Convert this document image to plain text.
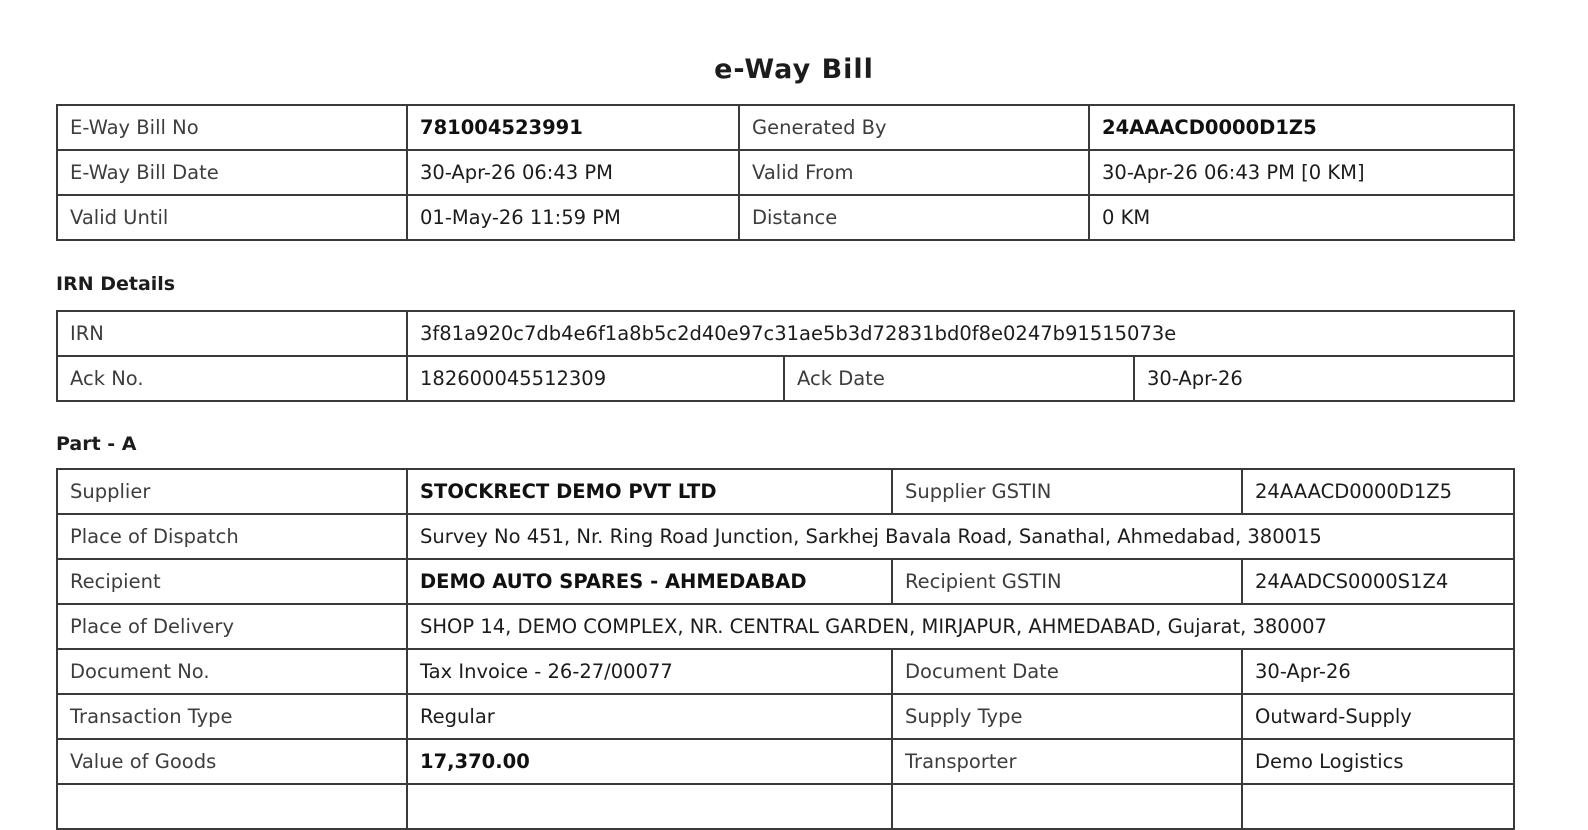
e-Way Bill
E-Way Bill No	781004523991	Generated By	24AAACD0000D1Z5
E-Way Bill Date	30-Apr-26 06:43 PM	Valid From	30-Apr-26 06:43 PM [0 KM]
Valid Until	01-May-26 11:59 PM	Distance	0 KM
IRN Details
IRN	3f81a920c7db4e6f1a8b5c2d40e97c31ae5b3d72831bd0f8e0247b91515073e		
Ack No.	182600045512309	Ack Date	30-Apr-26
Part - A
Supplier	STOCKRECT DEMO PVT LTD	Supplier GSTIN	24AAACD0000D1Z5
Place of Dispatch	Survey No 451, Nr. Ring Road Junction, Sarkhej Bavala Road, Sanathal, Ahmedabad, 380015		
Recipient	DEMO AUTO SPARES - AHMEDABAD	Recipient GSTIN	24AADCS0000S1Z4
Place of Delivery	SHOP 14, DEMO COMPLEX, NR. CENTRAL GARDEN, MIRJAPUR, AHMEDABAD, Gujarat, 380007		
Document No.	Tax Invoice - 26-27/00077	Document Date	30-Apr-26
Transaction Type	Regular	Supply Type	Outward-Supply
Value of Goods	17,370.00	Transporter	Demo Logistics
